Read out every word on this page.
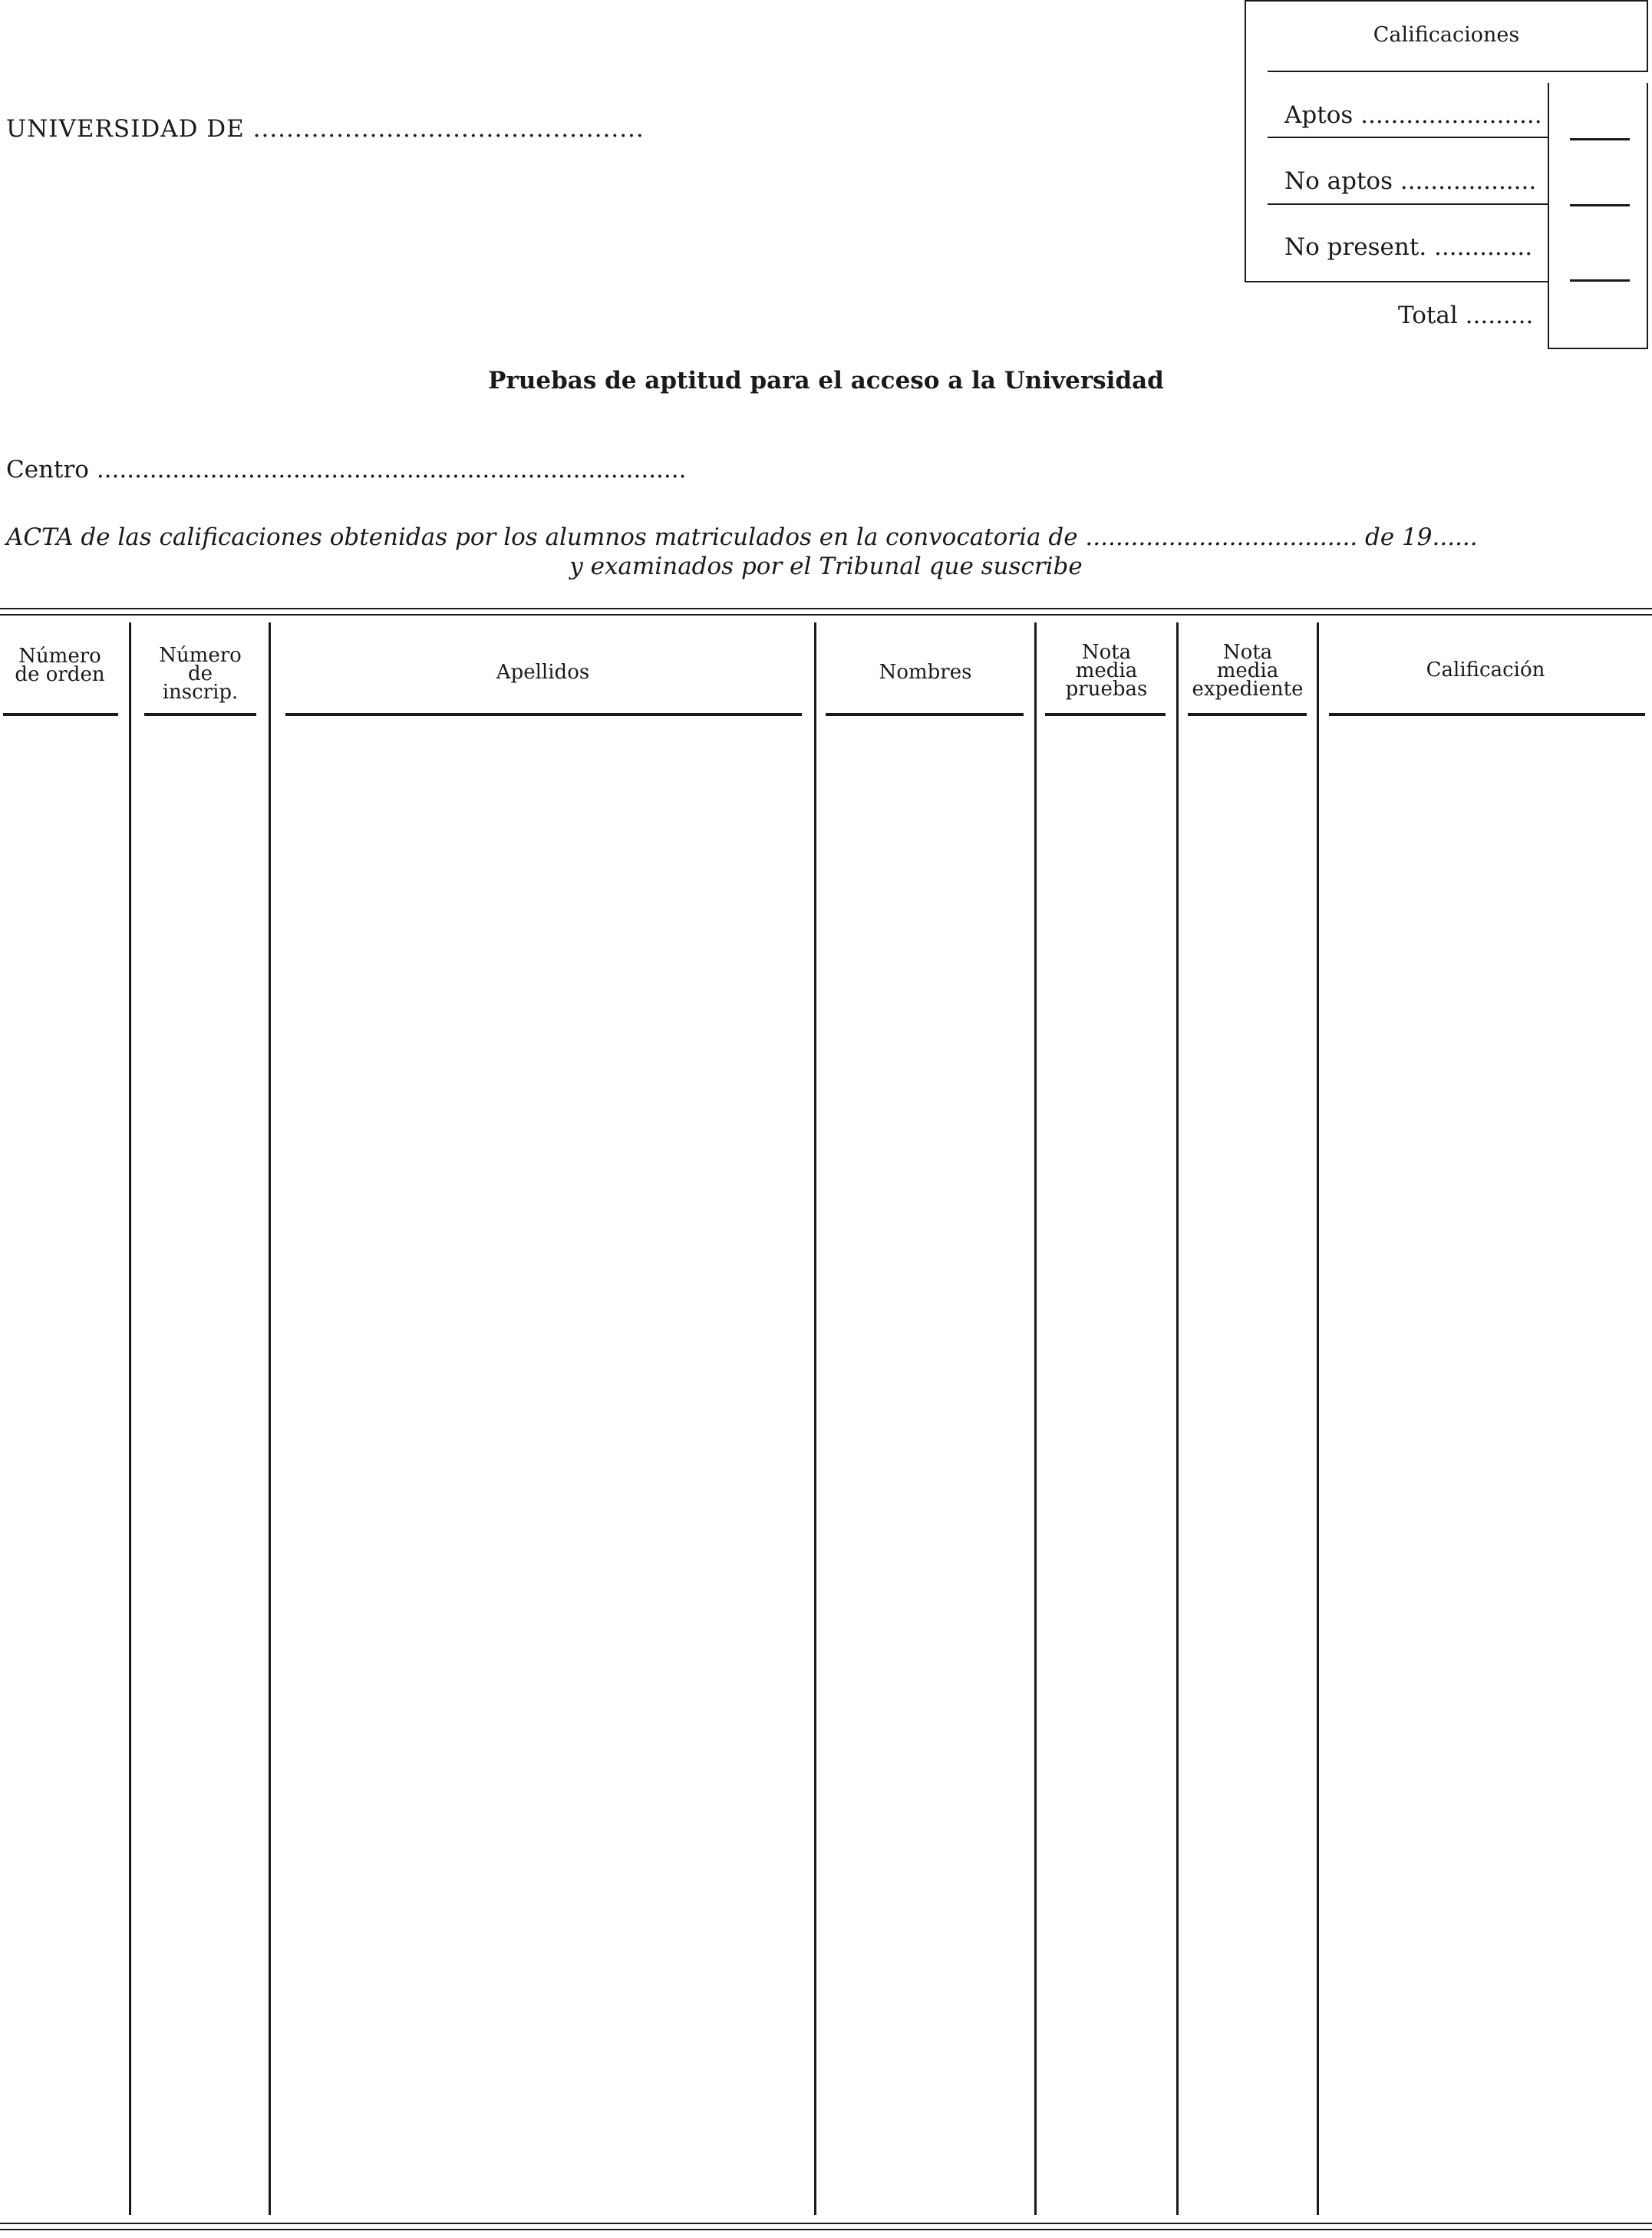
UNIVERSIDAD DE ...............................................
Calificaciones
Aptos ........................
No aptos ..................
No present. .............
Total .........
Pruebas de aptitud para el acceso a la Universidad
Centro ..............................................................................
ACTA de las calificaciones obtenidas por los alumnos matriculados en la convocatoria de .................................... de 19......
y examinados por el Tribunal que suscribe
Número
de orden
Número
de
inscrip.
Apellidos	Nombres
Nota
media
pruebas
Nota
media
expediente
Calificación
